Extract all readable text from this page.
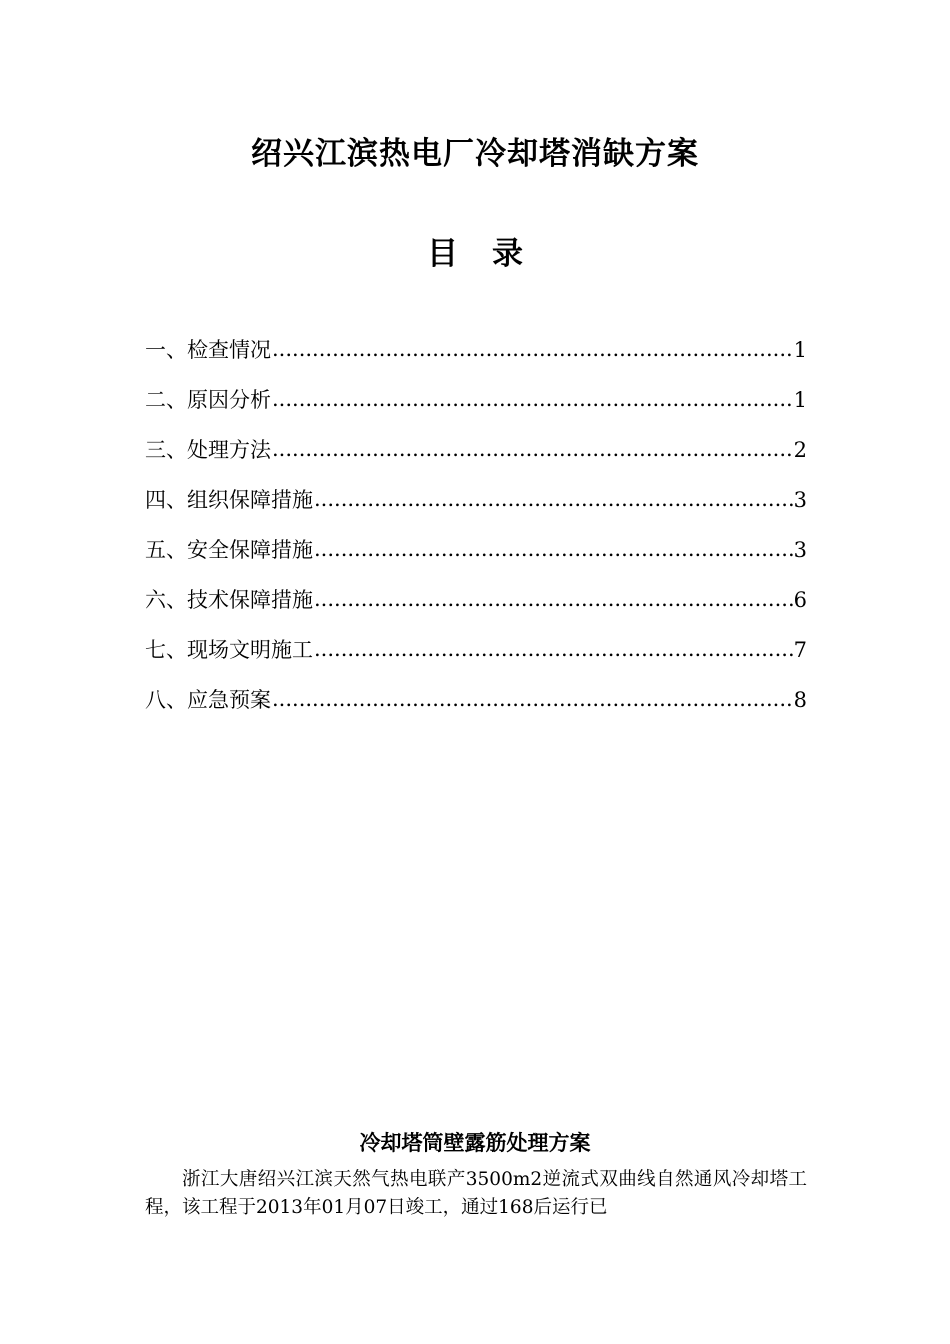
绍兴江滨热电厂冷却塔消缺方案
目 录
一、检查情况 .....	1
二、原因分析 .....	1
三、处理方法 .....	2
四、组织保障措施 .....	3
五、安全保障措施 .....	3
六、技术保障措施 .....	6
七、现场文明施工 .....	7
八、应急预案 .....	8
冷却塔筒壁露筋处理方案

浙江大唐绍兴江滨天然气热电联产3500m2逆流式双曲线自然通风冷却塔工程，该工程于2013年01月07日竣工，通过168后运行已
